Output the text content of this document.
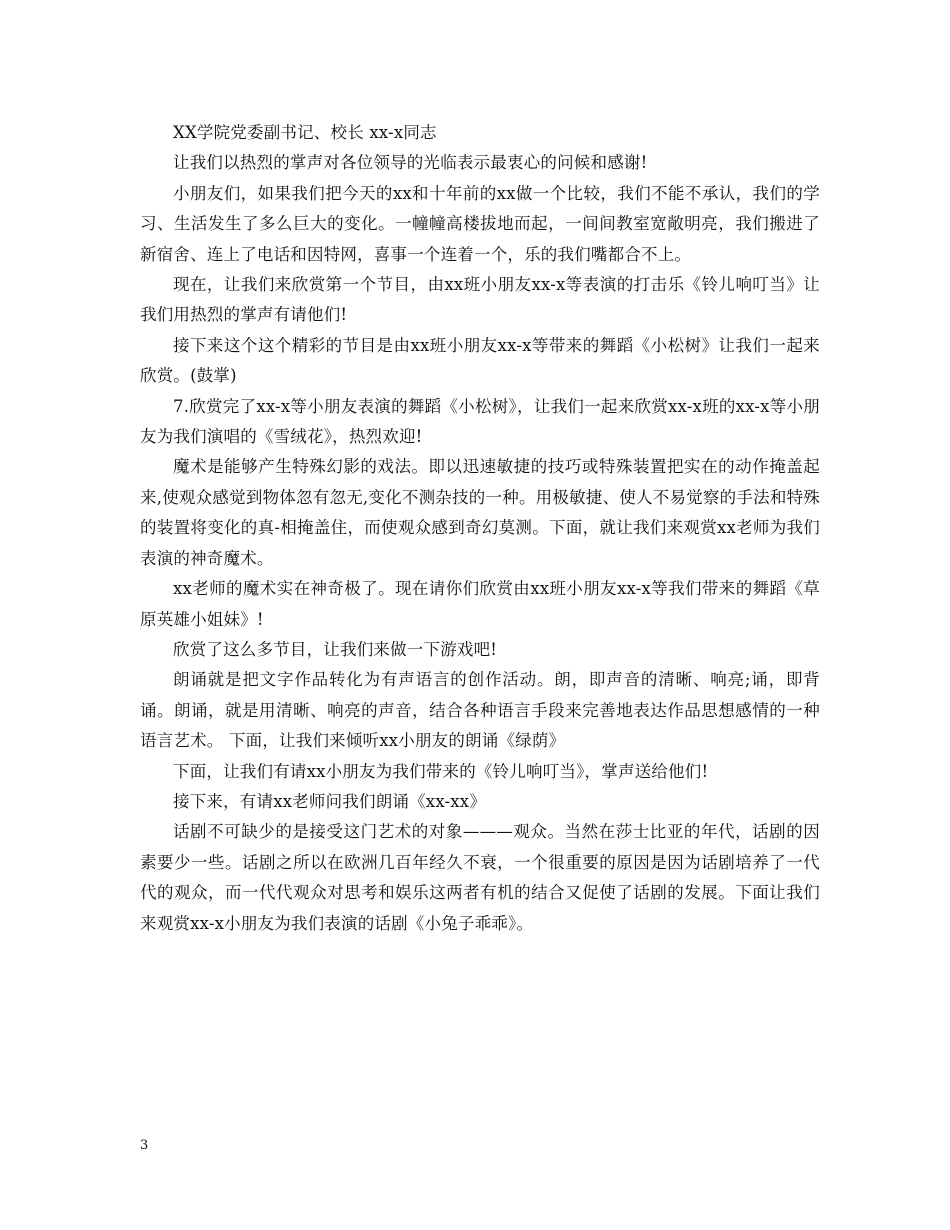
XX学院党委副书记、校长 xx-x同志

让我们以热烈的掌声对各位领导的光临表示最衷心的问候和感谢!

小朋友们，如果我们把今天的xx和十年前的xx做一个比较，我们不能不承认，我们的学习、生活发生了多么巨大的变化。一幢幢高楼拔地而起，一间间教室宽敞明亮，我们搬进了新宿舍、连上了电话和因特网，喜事一个连着一个，乐的我们嘴都合不上。

现在，让我们来欣赏第一个节目，由xx班小朋友xx-x等表演的打击乐《铃儿响叮当》让我们用热烈的掌声有请他们!

接下来这个这个精彩的节目是由xx班小朋友xx-x等带来的舞蹈《小松树》让我们一起来欣赏。(鼓掌)

7.欣赏完了xx-x等小朋友表演的舞蹈《小松树》，让我们一起来欣赏xx-x班的xx-x等小朋友为我们演唱的《雪绒花》，热烈欢迎!

魔术是能够产生特殊幻影的戏法。即以迅速敏捷的技巧或特殊装置把实在的动作掩盖起来,使观众感觉到物体忽有忽无,变化不测杂技的一种。用极敏捷、使人不易觉察的手法和特殊的装置将变化的真-相掩盖住，而使观众感到奇幻莫测。下面，就让我们来观赏xx老师为我们表演的神奇魔术。

xx老师的魔术实在神奇极了。现在请你们欣赏由xx班小朋友xx-x等我们带来的舞蹈《草原英雄小姐妹》!

欣赏了这么多节目，让我们来做一下游戏吧!

朗诵就是把文字作品转化为有声语言的创作活动。朗，即声音的清晰、响亮;诵，即背诵。朗诵，就是用清晰、响亮的声音，结合各种语言手段来完善地表达作品思想感情的一种语言艺术。 下面，让我们来倾听xx小朋友的朗诵《绿荫》

下面，让我们有请xx小朋友为我们带来的《铃儿响叮当》，掌声送给他们!

接下来，有请xx老师问我们朗诵《xx-xx》

话剧不可缺少的是接受这门艺术的对象———观众。当然在莎士比亚的年代，话剧的因素要少一些。话剧之所以在欧洲几百年经久不衰，一个很重要的原因是因为话剧培养了一代代的观众，而一代代观众对思考和娱乐这两者有机的结合又促使了话剧的发展。下面让我们来观赏xx-x小朋友为我们表演的话剧《小兔子乖乖》。

3
